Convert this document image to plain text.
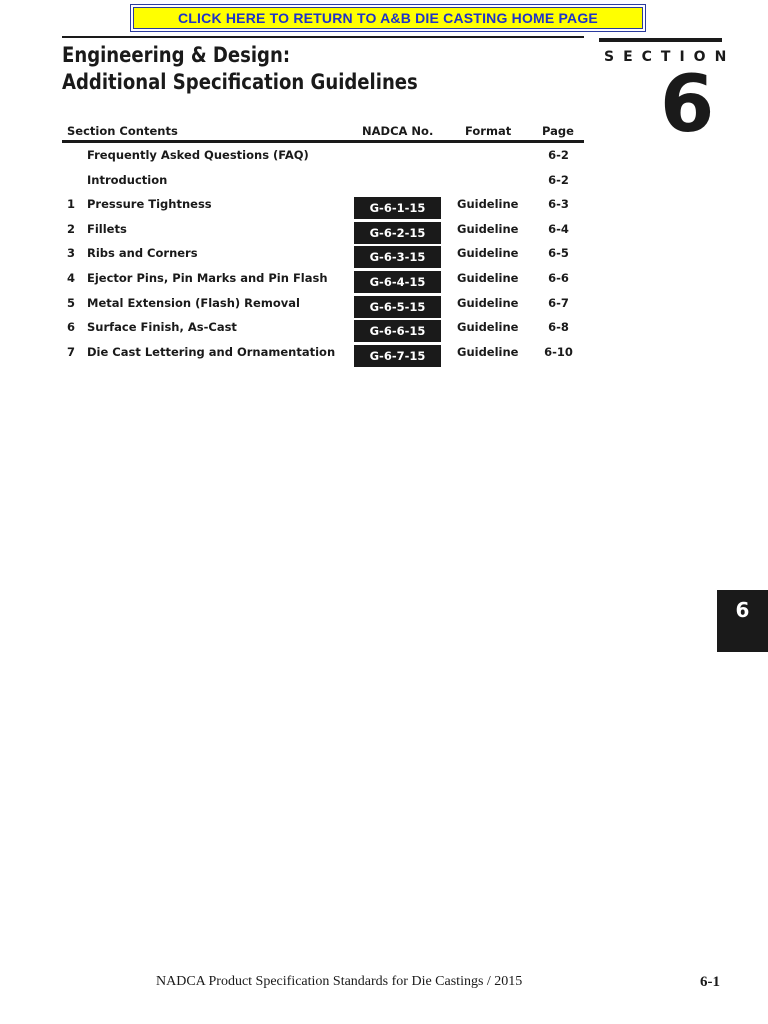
CLICK HERE TO RETURN TO A&B DIE CASTING HOME PAGE
Engineering & Design:
Additional Specification Guidelines
SECTION
6
Section Contents	NADCA No.	Format	Page
Frequently Asked Questions (FAQ)	6-2
Introduction	6-2
1 Pressure Tightness	G-6-1-15	Guideline	6-3
2 Fillets	G-6-2-15	Guideline	6-4
3 Ribs and Corners	G-6-3-15	Guideline	6-5
4 Ejector Pins, Pin Marks and Pin Flash	G-6-4-15	Guideline	6-6
5 Metal Extension (Flash) Removal	G-6-5-15	Guideline	6-7
6 Surface Finish, As-Cast	G-6-6-15	Guideline	6-8
7 Die Cast Lettering and Ornamentation	G-6-7-15	Guideline	6-10
6
NADCA Product Specification Standards for Die Castings / 2015	6-1
